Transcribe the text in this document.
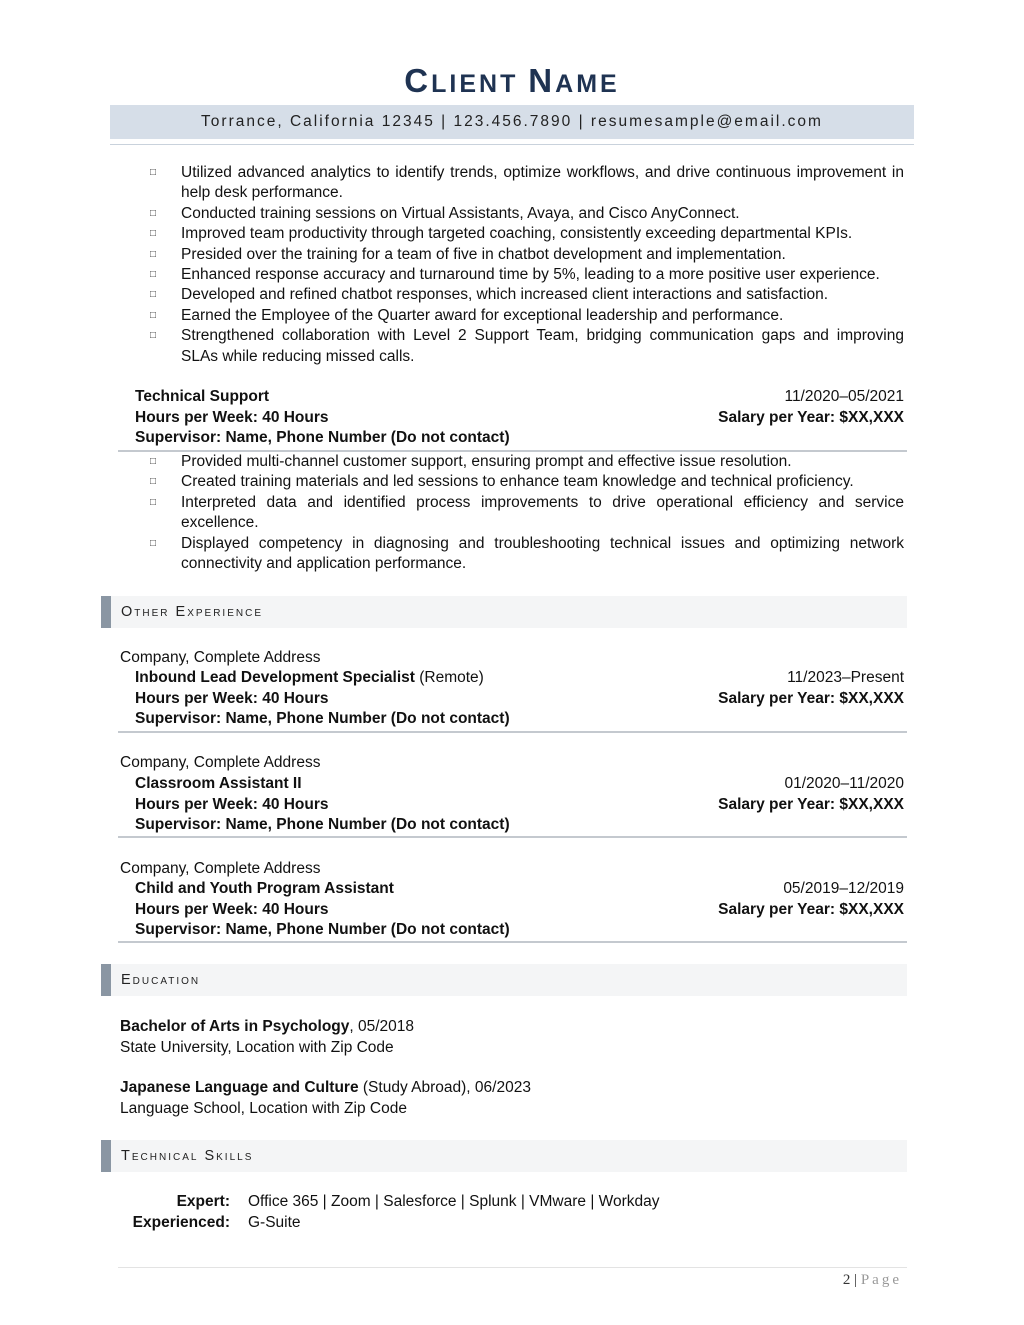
CLIENT NAME
Torrance, California 12345 | 123.456.7890 | resumesample@email.com
□ Utilized advanced analytics to identify trends, optimize workflows, and drive continuous improvement in help desk performance.
□ Conducted training sessions on Virtual Assistants, Avaya, and Cisco AnyConnect.
□ Improved team productivity through targeted coaching, consistently exceeding departmental KPIs.
□ Presided over the training for a team of five in chatbot development and implementation.
□ Enhanced response accuracy and turnaround time by 5%, leading to a more positive user experience.
□ Developed and refined chatbot responses, which increased client interactions and satisfaction.
□ Earned the Employee of the Quarter award for exceptional leadership and performance.
□ Strengthened collaboration with Level 2 Support Team, bridging communication gaps and improving SLAs while reducing missed calls.
Technical Support	11/2020–05/2021
Hours per Week: 40 Hours	Salary per Year: $XX,XXX
Supervisor: Name, Phone Number (Do not contact)
□ Provided multi-channel customer support, ensuring prompt and effective issue resolution.
□ Created training materials and led sessions to enhance team knowledge and technical proficiency.
□ Interpreted data and identified process improvements to drive operational efficiency and service excellence.
□ Displayed competency in diagnosing and troubleshooting technical issues and optimizing network connectivity and application performance.
Other Experience
Company, Complete Address
Inbound Lead Development Specialist (Remote)	11/2023–Present
Hours per Week: 40 Hours	Salary per Year: $XX,XXX
Supervisor: Name, Phone Number (Do not contact)
Company, Complete Address
Classroom Assistant II	01/2020–11/2020
Hours per Week: 40 Hours	Salary per Year: $XX,XXX
Supervisor: Name, Phone Number (Do not contact)
Company, Complete Address
Child and Youth Program Assistant	05/2019–12/2019
Hours per Week: 40 Hours	Salary per Year: $XX,XXX
Supervisor: Name, Phone Number (Do not contact)
Education
Bachelor of Arts in Psychology, 05/2018
State University, Location with Zip Code
Japanese Language and Culture (Study Abroad), 06/2023
Language School, Location with Zip Code
Technical Skills
Expert: Office 365 | Zoom | Salesforce | Splunk | VMware | Workday
Experienced: G-Suite
2 | Page
